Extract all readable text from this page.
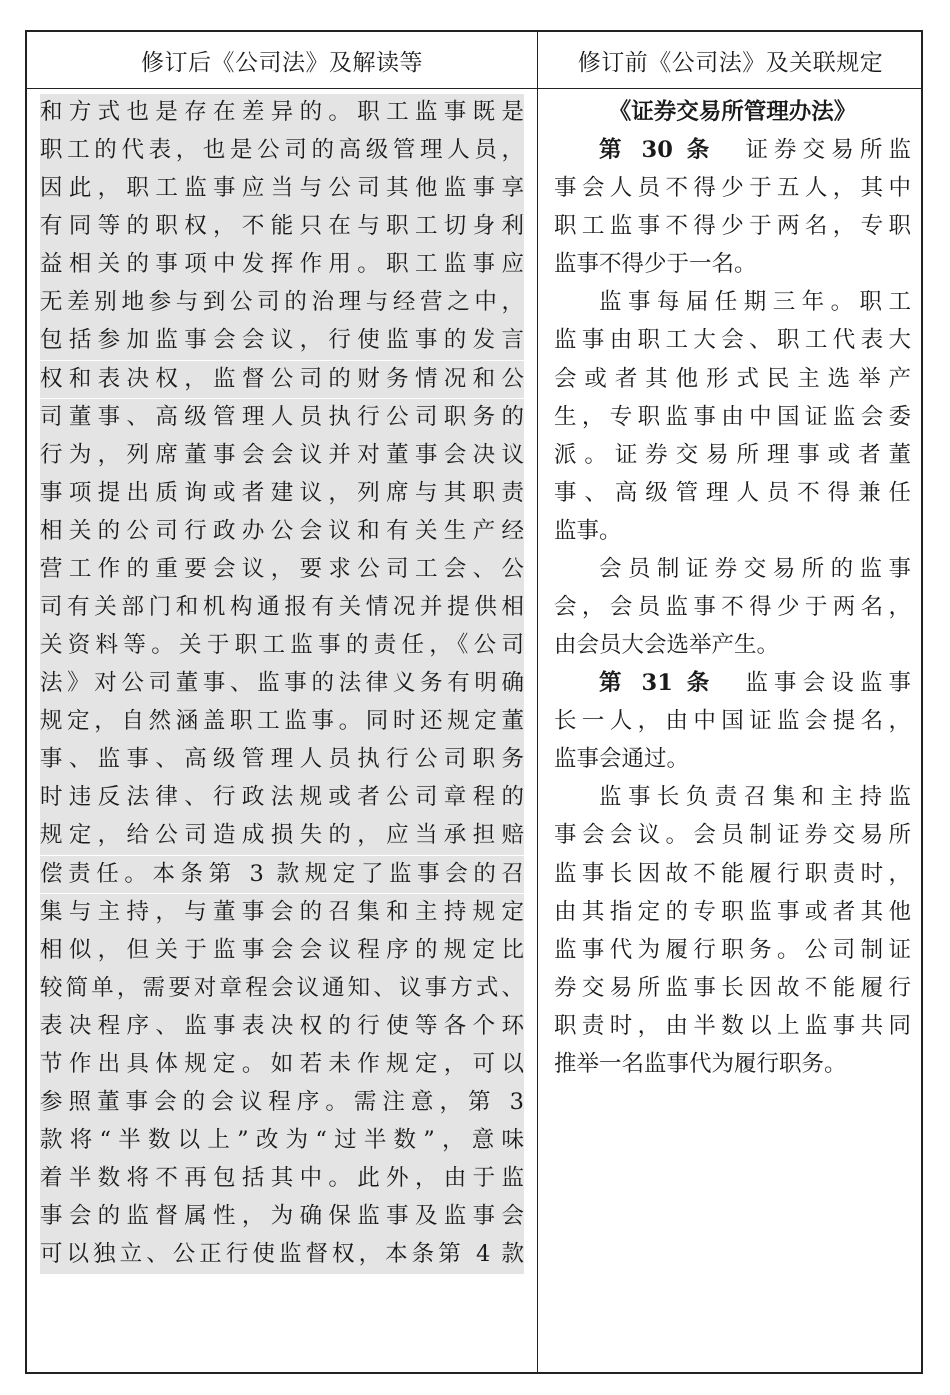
修订后《公司法》及解读等	修订前《公司法》及关联规定
和方式也是存在差异的。职工监事既是
职工的代表，也是公司的高级管理人员，
因此，职工监事应当与公司其他监事享
有同等的职权，不能只在与职工切身利
益相关的事项中发挥作用。职工监事应
无差别地参与到公司的治理与经营之中，
包括参加监事会会议，行使监事的发言
权和表决权，监督公司的财务情况和公
司董事、高级管理人员执行公司职务的
行为，列席董事会会议并对董事会决议
事项提出质询或者建议，列席与其职责
相关的公司行政办公会议和有关生产经
营工作的重要会议，要求公司工会、公
司有关部门和机构通报有关情况并提供相
关资料等。关于职工监事的责任，《公司
法》对公司董事、监事的法律义务有明确
规定，自然涵盖职工监事。同时还规定董
事、监事、高级管理人员执行公司职务
时违反法律、行政法规或者公司章程的
规定，给公司造成损失的，应当承担赔
偿责任。本条第 3 款规定了监事会的召
集与主持，与董事会的召集和主持规定
相似，但关于监事会会议程序的规定比
较简单，需要对章程会议通知、议事方式、
表决程序、监事表决权的行使等各个环
节作出具体规定。如若未作规定，可以
参照董事会的会议程序。需注意，第 3
款将“半数以上”改为“过半数”，意味
着半数将不再包括其中。此外，由于监
事会的监督属性，为确保监事及监事会
可以独立、公正行使监督权，本条第 4 款
《证券交易所管理办法》
第 30 条 证券交易所监
事会人员不得少于五人，其中
职工监事不得少于两名，专职
监事不得少于一名。
监事每届任期三年。职工
监事由职工大会、职工代表大
会或者其他形式民主选举产
生，专职监事由中国证监会委
派。证券交易所理事或者董
事、高级管理人员不得兼任
监事。
会员制证券交易所的监事
会，会员监事不得少于两名，
由会员大会选举产生。
第 31 条 监事会设监事
长一人，由中国证监会提名，
监事会通过。
监事长负责召集和主持监
事会会议。会员制证券交易所
监事长因故不能履行职责时，
由其指定的专职监事或者其他
监事代为履行职务。公司制证
券交易所监事长因故不能履行
职责时，由半数以上监事共同
推举一名监事代为履行职务。
